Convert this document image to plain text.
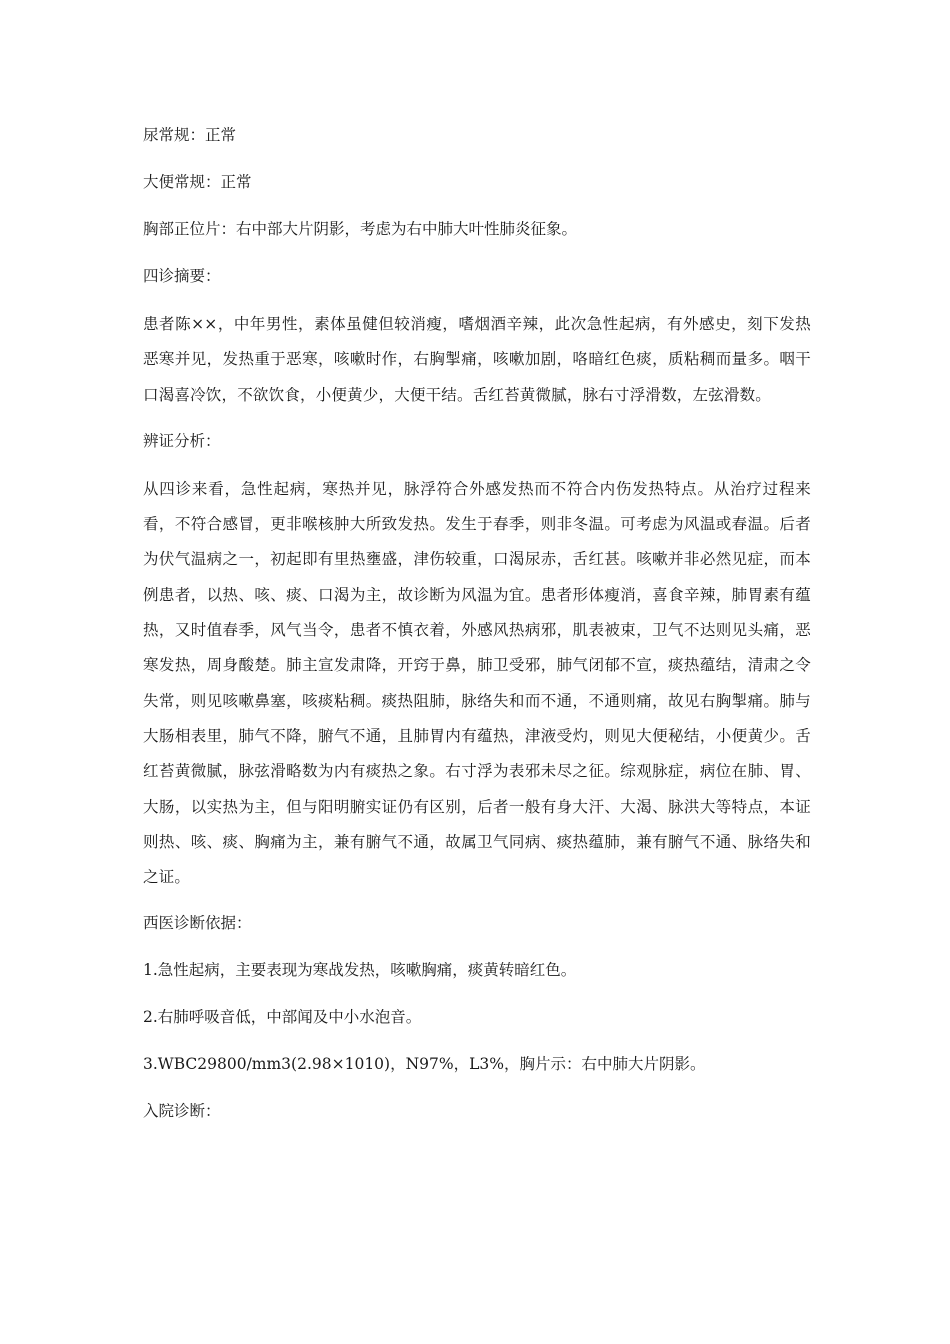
尿常规：正常

大便常规：正常

胸部正位片：右中部大片阴影，考虑为右中肺大叶性肺炎征象。

四诊摘要：

患者陈××，中年男性，素体虽健但较消瘦，嗜烟酒辛辣，此次急性起病，有外感史，刻下发热恶寒并见，发热重于恶寒，咳嗽时作，右胸掣痛，咳嗽加剧，咯暗红色痰，质粘稠而量多。咽干口渴喜冷饮，不欲饮食，小便黄少，大便干结。舌红苔黄微腻，脉右寸浮滑数，左弦滑数。

辨证分析：

从四诊来看，急性起病，寒热并见，脉浮符合外感发热而不符合内伤发热特点。从治疗过程来看，不符合感冒，更非喉核肿大所致发热。发生于春季，则非冬温。可考虑为风温或春温。后者为伏气温病之一，初起即有里热壅盛，津伤较重，口渴尿赤，舌红甚。咳嗽并非必然见症，而本例患者，以热、咳、痰、口渴为主，故诊断为风温为宜。患者形体瘦消，喜食辛辣，肺胃素有蕴热，又时值春季，风气当令，患者不慎衣着，外感风热病邪，肌表被束，卫气不达则见头痛，恶寒发热，周身酸楚。肺主宣发肃降，开窍于鼻，肺卫受邪，肺气闭郁不宣，痰热蕴结，清肃之令失常，则见咳嗽鼻塞，咳痰粘稠。痰热阻肺，脉络失和而不通，不通则痛，故见右胸掣痛。肺与大肠相表里，肺气不降，腑气不通，且肺胃内有蕴热，津液受灼，则见大便秘结，小便黄少。舌红苔黄微腻，脉弦滑略数为内有痰热之象。右寸浮为表邪未尽之征。综观脉症，病位在肺、胃、大肠，以实热为主，但与阳明腑实证仍有区别，后者一般有身大汗、大渴、脉洪大等特点，本证则热、咳、痰、胸痛为主，兼有腑气不通，故属卫气同病、痰热蕴肺，兼有腑气不通、脉络失和之证。

西医诊断依据：

1.急性起病，主要表现为寒战发热，咳嗽胸痛，痰黄转暗红色。

2.右肺呼吸音低，中部闻及中小水泡音。

3.WBC29800/mm3(2.98×1010)，N97%，L3%，胸片示：右中肺大片阴影。

入院诊断：
